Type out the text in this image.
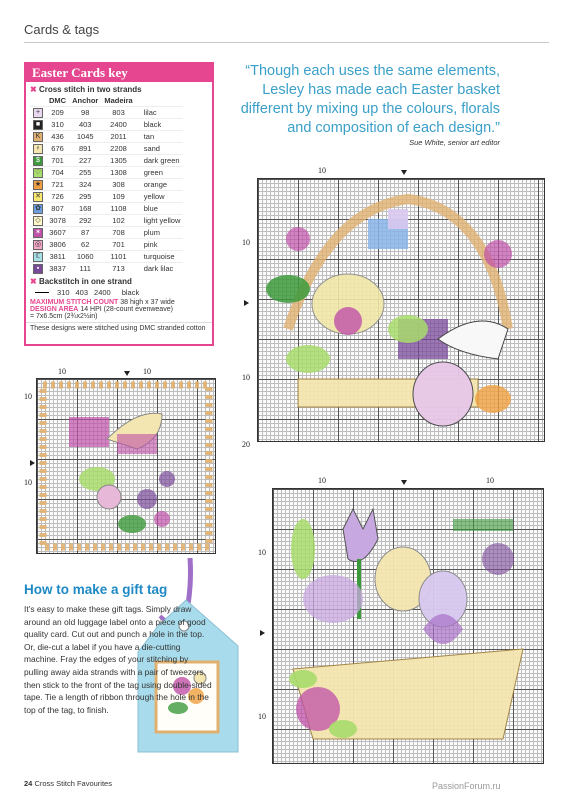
Cards & tags
Easter Cards key
✖ Cross stitch in two strands
	DMC	Anchor	Madeira	
+	209	98	803	lilac
■	310	403	2400	black
K	436	1045	2011	tan
♀	676	891	2208	sand
$	701	227	1305	dark green
♡	704	255	1308	green
★	721	324	308	orange
✕	726	295	109	yellow
✿	807	168	1108	blue
◇	3078	292	102	light yellow
✶	3607	87	708	plum
◎	3806	62	701	pink
ℂ	3811	1060	1101	turquoise
▪	3837	111	713	dark lilac
✖ Backstitch in one strand
	310	403	2400	black
MAXIMUM STITCH COUNT 38 high x 37 wide
DESIGN AREA 14 HPI (28-count evenweave)
= 7x6.5cm (2¾x2½in)
These designs were stitched using DMC stranded cotton
“Though each uses the same elements, Lesley has made each Easter basket different by mixing up the colours, florals and composition of each design.”
Sue White, senior art editor
10
10
10
20
10	10
10
10	10	10
10
10
How to make a gift tag
It’s easy to make these gift tags. Simply draw around an old luggage label onto a piece of good quality card. Cut out and punch a hole in the top. Or, die-cut a label if you have a die-cutting machine. Fray the edges of your stitching by pulling away aida strands with a pair of tweezers, then stick to the front of the tag using double-sided tape. Tie a length of ribbon through the hole in the top of the tag, to finish.
24 Cross Stitch Favourites	PassionForum.ru
